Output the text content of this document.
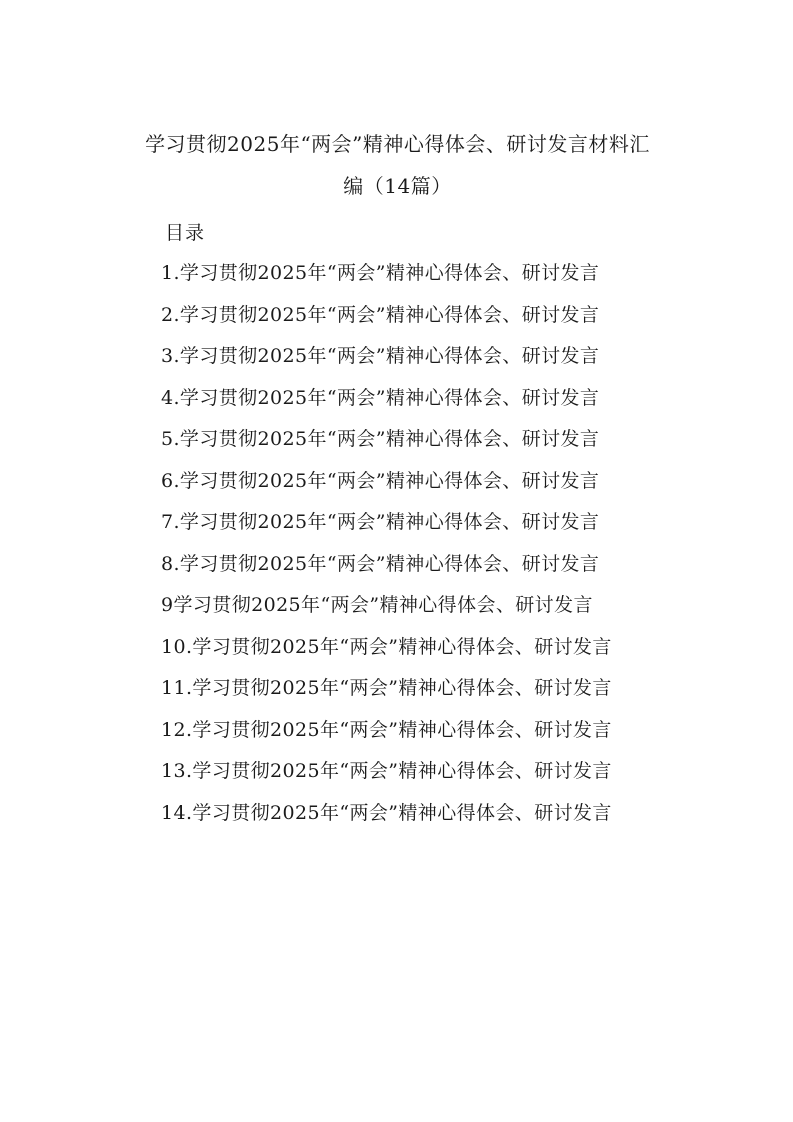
学习贯彻2025年“两会”精神心得体会、研讨发言材料汇
编（14篇）
目录
1.学习贯彻2025年“两会”精神心得体会、研讨发言
2.学习贯彻2025年“两会”精神心得体会、研讨发言
3.学习贯彻2025年“两会”精神心得体会、研讨发言
4.学习贯彻2025年“两会”精神心得体会、研讨发言
5.学习贯彻2025年“两会”精神心得体会、研讨发言
6.学习贯彻2025年“两会”精神心得体会、研讨发言
7.学习贯彻2025年“两会”精神心得体会、研讨发言
8.学习贯彻2025年“两会”精神心得体会、研讨发言
9学习贯彻2025年“两会”精神心得体会、研讨发言
10.学习贯彻2025年“两会”精神心得体会、研讨发言
11.学习贯彻2025年“两会”精神心得体会、研讨发言
12.学习贯彻2025年“两会”精神心得体会、研讨发言
13.学习贯彻2025年“两会”精神心得体会、研讨发言
14.学习贯彻2025年“两会”精神心得体会、研讨发言
